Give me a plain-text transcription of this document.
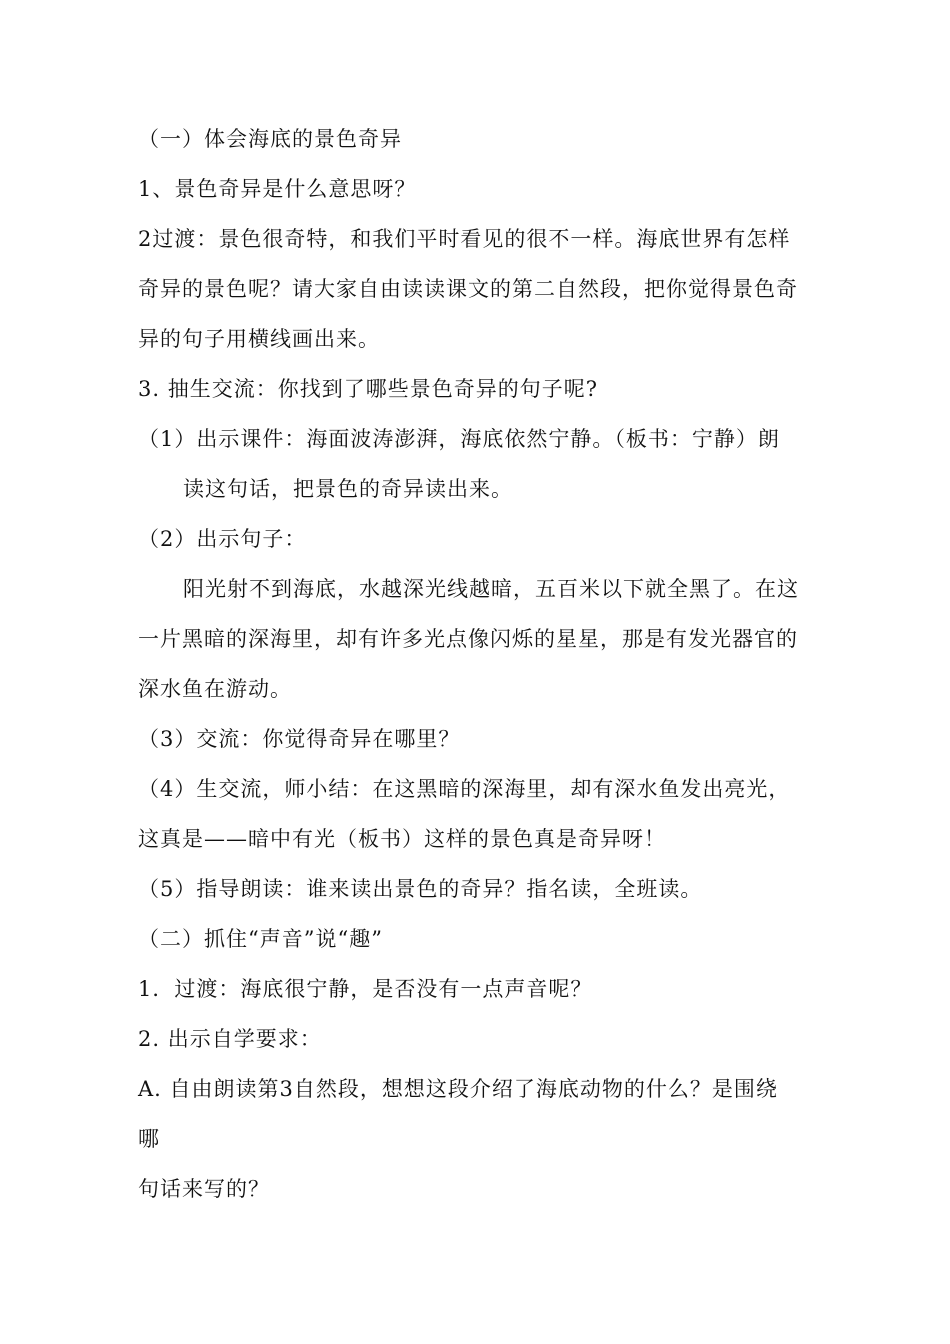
（一）体会海底的景色奇异
1、景色奇异是什么意思呀？
2过渡：景色很奇特，和我们平时看见的很不一样。海底世界有怎样
奇异的景色呢？请大家自由读读课文的第二自然段，把你觉得景色奇
异的句子用横线画出来。
3. 抽生交流：你找到了哪些景色奇异的句子呢?
（1）出示课件：海面波涛澎湃，海底依然宁静。（板书：宁静）朗
读这句话，把景色的奇异读出来。
（2）出示句子：
阳光射不到海底，水越深光线越暗，五百米以下就全黑了。在这
一片黑暗的深海里，却有许多光点像闪烁的星星，那是有发光器官的
深水鱼在游动。
（3）交流：你觉得奇异在哪里？
（4）生交流，师小结：在这黑暗的深海里，却有深水鱼发出亮光，
这真是——暗中有光（板书）这样的景色真是奇异呀！
（5）指导朗读：谁来读出景色的奇异？指名读，全班读。
（二）抓住“声音”说“趣”
1．过渡：海底很宁静，是否没有一点声音呢？
2. 出示自学要求：
A. 自由朗读第3自然段，想想这段介绍了海底动物的什么？是围绕
哪
句话来写的？
